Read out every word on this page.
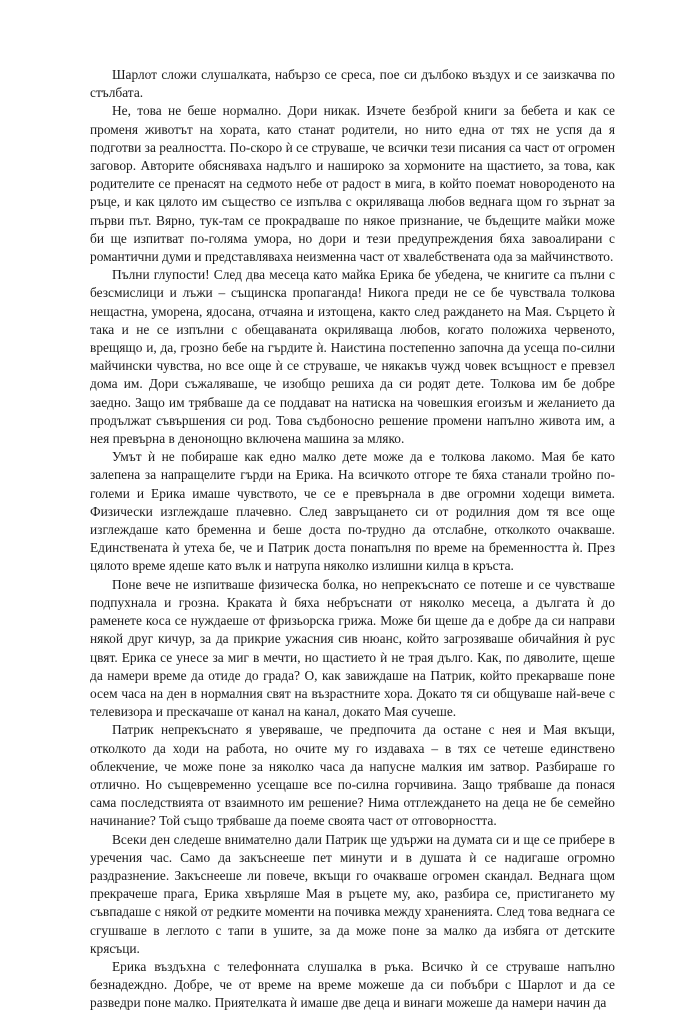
Шарлот сложи слушалката, набързо се среса, пое си дълбоко въздух и се заизкачва по стълбата.

Не, това не беше нормално. Дори никак. Изчете безброй книги за бебета и как се променя животът на хората, като станат родители, но нито една от тях не успя да я подготви за реалността. По-скоро ѝ се струваше, че всички тези писания са част от огромен заговор. Авторите обясняваха надълго и нашироко за хормоните на щастието, за това, как родителите се пренасят на седмото небе от радост в мига, в който поемат новороденото на ръце, и как цялото им същество се изпълва с окриляваща любов веднага щом го зърнат за първи път. Вярно, тук-там се прокрадваше по някое признание, че бъдещите майки може би ще изпитват по-голяма умора, но дори и тези предупреждения бяха завоалирани с романтични думи и представляваха неизменна част от хвалебствената ода за майчинството.

Пълни глупости! След два месеца като майка Ерика бе убедена, че книгите са пълни с безсмислици и лъжи – същинска пропаганда! Никога преди не се бе чувствала толкова нещастна, уморена, ядосана, отчаяна и изтощена, както след раждането на Мая. Сърцето ѝ така и не се изпълни с обещаваната окриляваща любов, когато положиха червеното, врещящо и, да, грозно бебе на гърдите ѝ. Наистина постепенно започна да усеща по-силни майчински чувства, но все още ѝ се струваше, че някакъв чужд човек всъщност е превзел дома им. Дори съжаляваше, че изобщо решиха да си родят дете. Толкова им бе добре заедно. Защо им трябваше да се поддават на натиска на човешкия егоизъм и желанието да продължат съвършения си род. Това съдбоносно решение промени напълно живота им, а нея превърна в денонощно включена машина за мляко.

Умът ѝ не побираше как едно малко дете може да е толкова лакомо. Мая бе като залепена за напращелите гърди на Ерика. На всичкото отгоре те бяха станали тройно по-големи и Ерика имаше чувството, че се е превърнала в две огромни ходещи вимета. Физически изглеждаше плачевно. След завръщането си от родилния дом тя все още изглеждаше като бременна и беше доста по-трудно да отслабне, отколкото очакваше. Единствената ѝ утеха бе, че и Патрик доста понапълня по време на бременността ѝ. През цялото време ядеше като вълк и натрупа няколко излишни килца в кръста.

Поне вече не изпитваше физическа болка, но непрекъснато се потеше и се чувстваше подпухнала и грозна. Краката ѝ бяха небръснати от няколко месеца, а дългата ѝ до раменете коса се нуждаеше от фризьорска грижа. Може би щеше да е добре да си направи някой друг кичур, за да прикрие ужасния сив нюанс, който загрозяваше обичайния ѝ рус цвят. Ерика се унесе за миг в мечти, но щастието ѝ не трая дълго. Как, по дяволите, щеше да намери време да отиде до града? О, как завиждаше на Патрик, който прекарваше поне осем часа на ден в нормалния свят на възрастните хора. Докато тя си общуваше най-вече с телевизора и прескачаше от канал на канал, докато Мая сучеше.

Патрик непрекъснато я уверяваше, че предпочита да остане с нея и Мая вкъщи, отколкото да ходи на работа, но очите му го издаваха – в тях се четеше единствено облекчение, че може поне за няколко часа да напусне малкия им затвор. Разбираше го отлично. Но същевременно усещаше все по-силна горчивина. Защо трябваше да понася сама последствията от взаимното им решение? Нима отглеждането на деца не бе семейно начинание? Той също трябваше да поеме своята част от отговорността.

Всеки ден следеше внимателно дали Патрик ще удържи на думата си и ще се прибере в уречения час. Само да закъснееше пет минути и в душата ѝ се надигаше огромно раздразнение. Закъснееше ли повече, вкъщи го очакваше огромен скандал. Веднага щом прекрачеше прага, Ерика хвърляше Мая в ръцете му, ако, разбира се, пристигането му съвпадаше с някой от редките моменти на почивка между храненията. След това веднага се сгушваше в леглото с тапи в ушите, за да може поне за малко да избяга от детските крясъци.

Ерика въздъхна с телефонната слушалка в ръка. Всичко ѝ се струваше напълно безнадеждно. Добре, че от време на време можеше да си побъбри с Шарлот и да се разведри поне малко. Приятелката ѝ имаше две деца и винаги можеше да намери начин да
